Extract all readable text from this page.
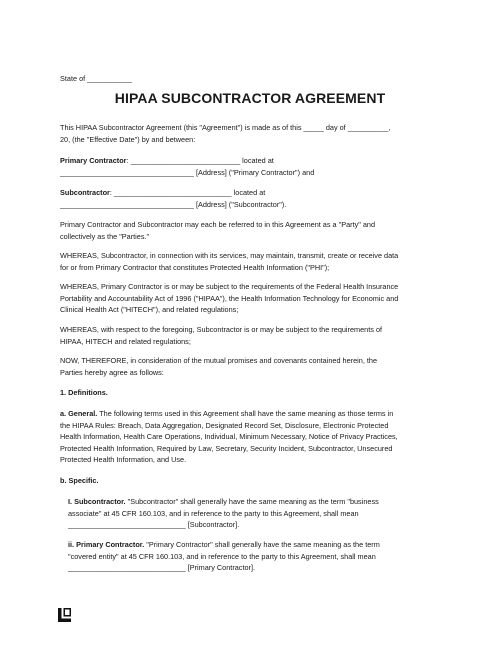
State of ___________
HIPAA SUBCONTRACTOR AGREEMENT
This HIPAA Subcontractor Agreement (this "Agreement") is made as of this _____ day of __________,
20, (the "Effective Date") by and between:
Primary Contractor: ___________________________ located at
_________________________________ [Address] ("Primary Contractor") and
Subcontractor: _____________________________ located at
_________________________________ [Address] ("Subcontractor").
Primary Contractor and Subcontractor may each be referred to in this Agreement as a "Party" and
collectively as the "Parties."
WHEREAS, Subcontractor, in connection with its services, may maintain, transmit, create or receive data
for or from Primary Contractor that constitutes Protected Health Information ("PHI");
WHEREAS, Primary Contractor is or may be subject to the requirements of the Federal Health Insurance
Portability and Accountability Act of 1996 ("HIPAA"), the Health Information Technology for Economic and
Clinical Health Act ("HITECH"), and related regulations;
WHEREAS, with respect to the foregoing, Subcontractor is or may be subject to the requirements of
HIPAA, HITECH and related regulations;
NOW, THEREFORE, in consideration of the mutual promises and covenants contained herein, the
Parties hereby agree as follows:
1. Definitions.
a. General. The following terms used in this Agreement shall have the same meaning as those terms in
the HIPAA Rules: Breach, Data Aggregation, Designated Record Set, Disclosure, Electronic Protected
Health Information, Health Care Operations, Individual, Minimum Necessary, Notice of Privacy Practices,
Protected Health Information, Required by Law, Secretary, Security Incident, Subcontractor, Unsecured
Protected Health Information, and Use.
b. Specific.
I. Subcontractor. "Subcontractor" shall generally have the same meaning as the term "business
associate" at 45 CFR 160.103, and in reference to the party to this Agreement, shall mean
_____________________________ [Subcontractor].
ii. Primary Contractor. "Primary Contractor" shall generally have the same meaning as the term
"covered entity" at 45 CFR 160.103, and in reference to the party to this Agreement, shall mean
_____________________________ [Primary Contractor].
